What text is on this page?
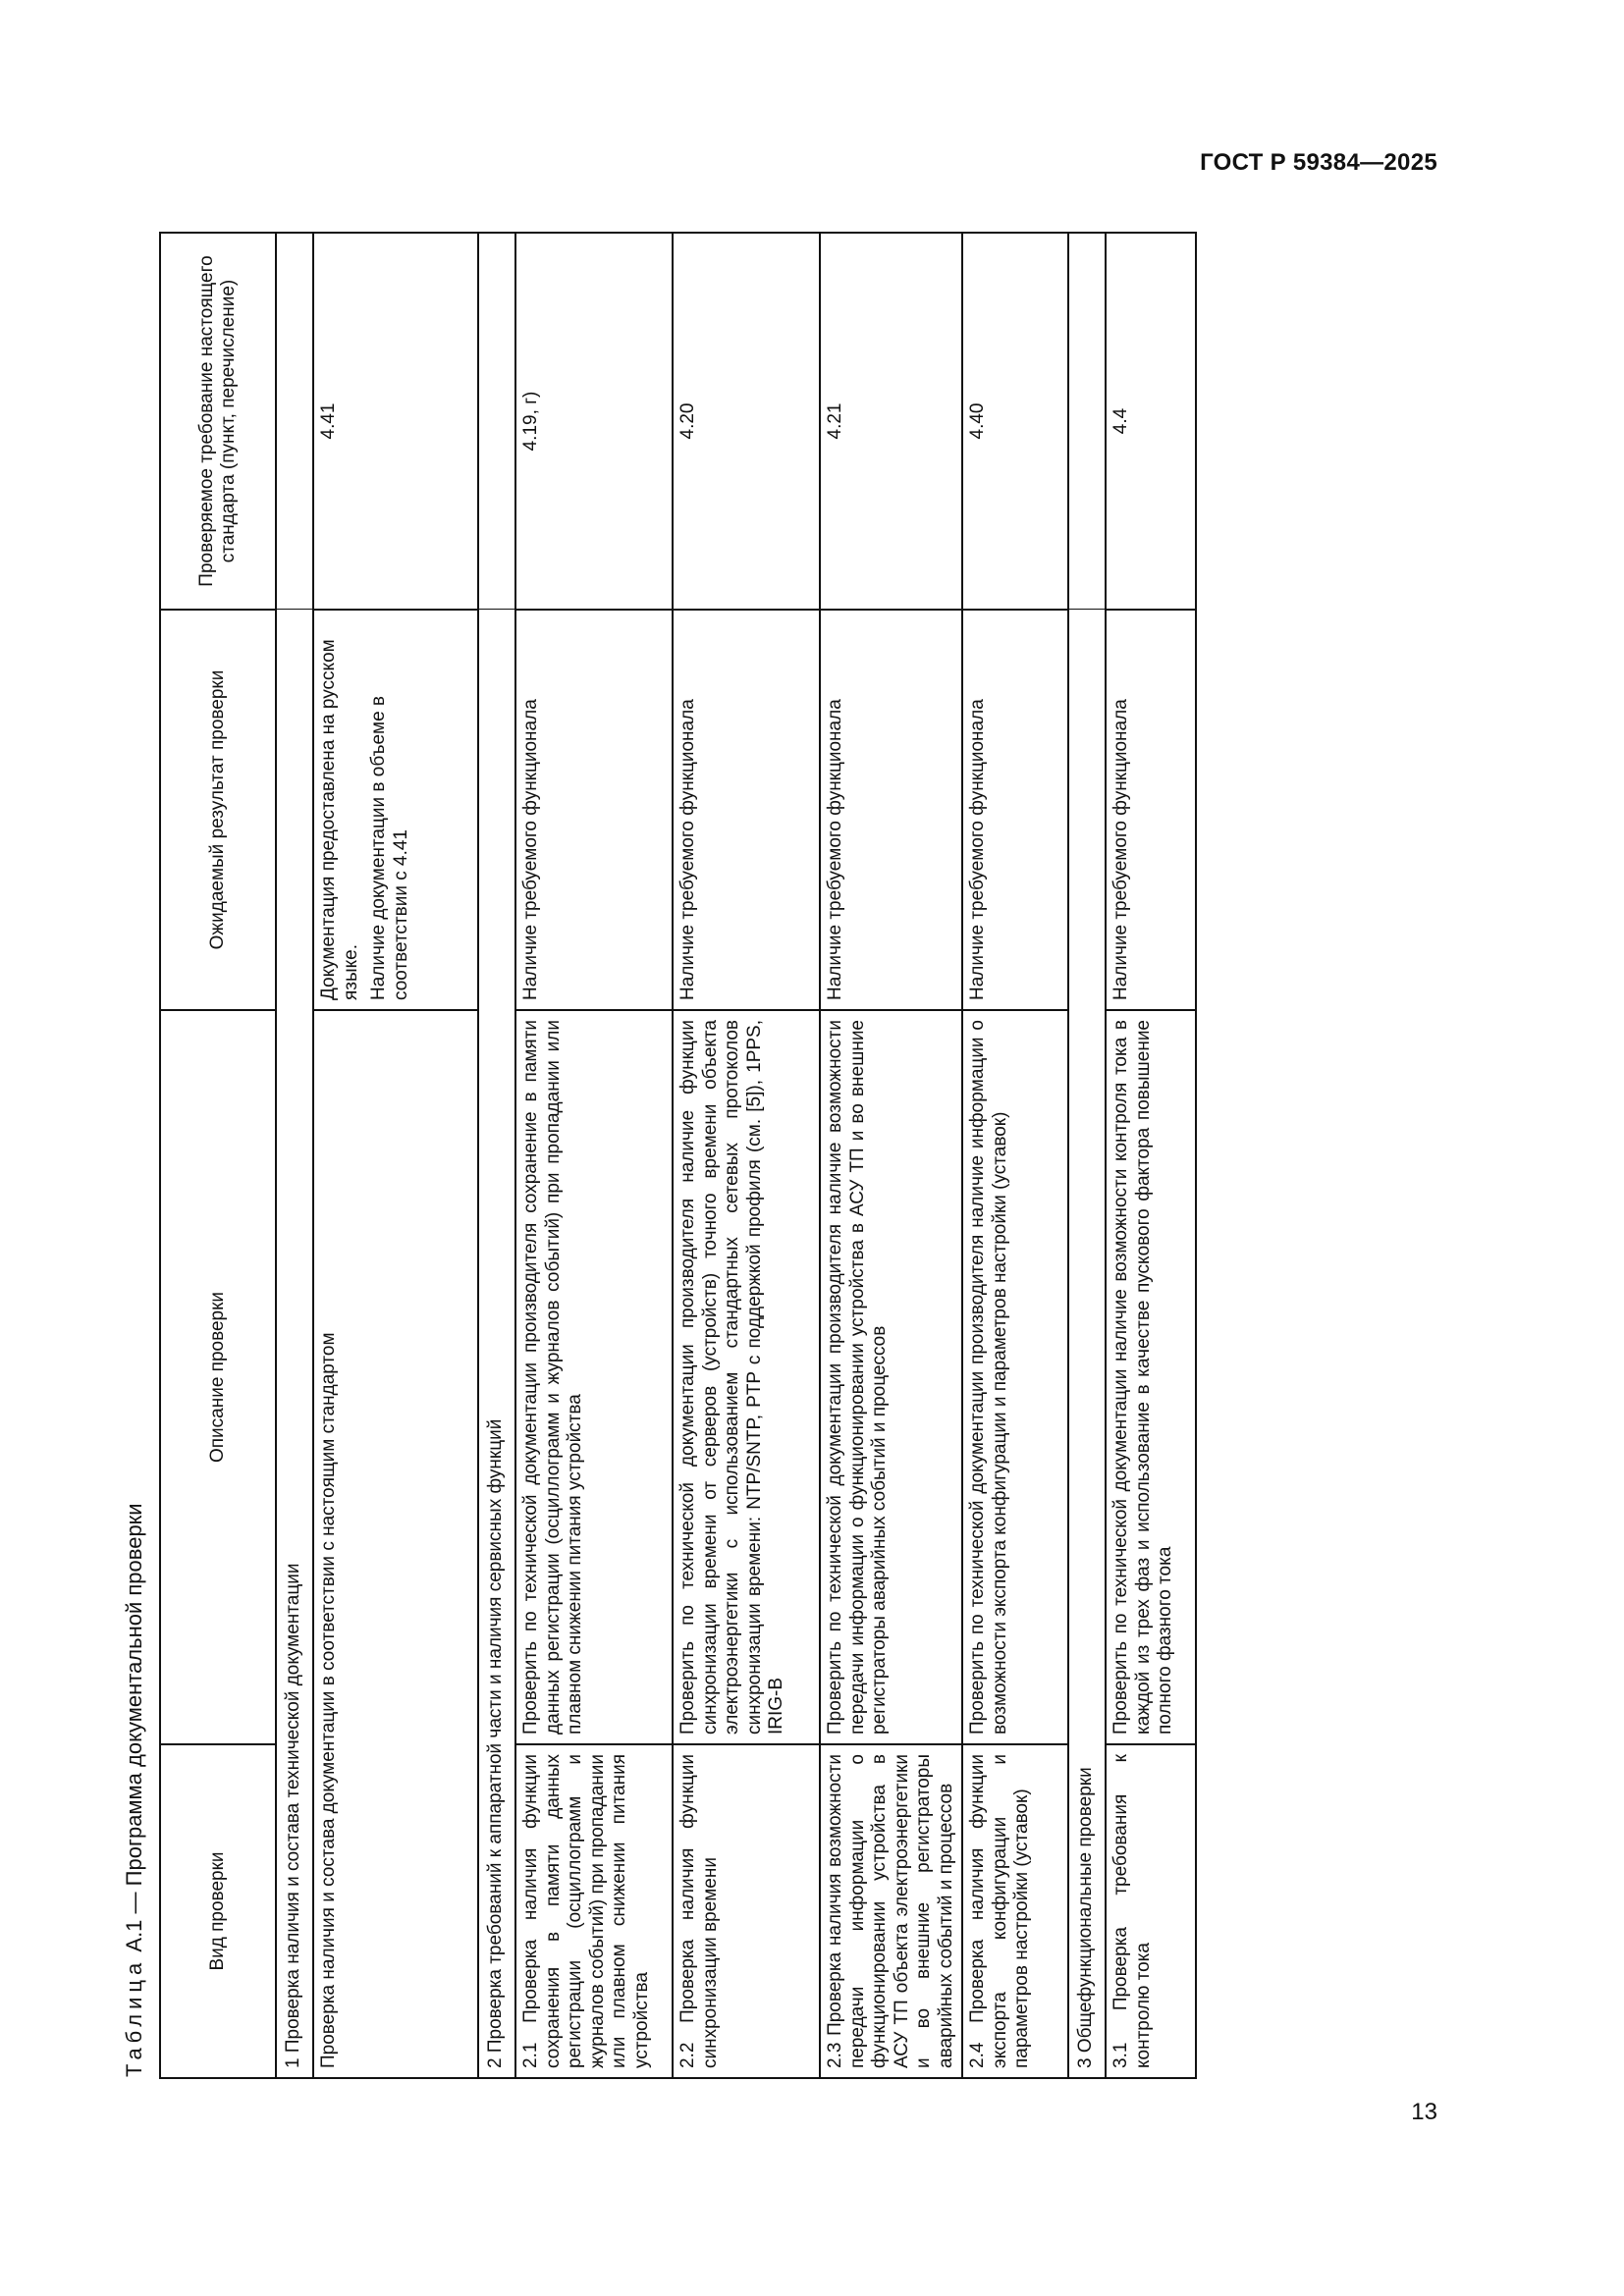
ГОСТ Р 59384—2025
13
Таблица А.1 — Программа документальной проверки	Вид проверки	Описание проверки	Ожидаемый результат проверки	Проверяемое требование настоящего стандарта (пункт, перечисление)
1 Проверка наличия и состава технической документации			
Проверка наличия и состава документации в соответствии с настоящим стандартом		Документация предоставлена на русском языке. Наличие документации в объеме в соответствии с 4.41	4.41
2 Проверка требований к аппаратной части и наличия сервисных функций			
2.1 Проверка наличия функции сохранения в памяти данных регистрации (осциллограмм и журналов событий) при пропадании или плавном снижении питания устройства	Проверить по технической документации производителя сохранение в памяти данных регистрации (осциллограмм и журналов событий) при пропадании или плавном снижении питания устройства	Наличие требуемого функционала	4.19, г)
2.2 Проверка наличия функции синхронизации времени	Проверить по технической документации производителя наличие функции синхронизации времени от серверов (устройств) точного времени объекта электроэнергетики с использованием стандартных сетевых протоколов синхронизации времени: NTP/SNTP, PTP с поддержкой профиля (см. [5]), 1PPS, IRIG-B	Наличие требуемого функционала	4.20
2.3 Проверка наличия возможности передачи информации о функционировании устройства в АСУ ТП объекта электроэнергетики и во внешние регистраторы аварийных событий и процессов	Проверить по технической документации производителя наличие возможности передачи информации о функционировании устройства в АСУ ТП и во внешние регистраторы аварийных событий и процессов	Наличие требуемого функционала	4.21
2.4 Проверка наличия функции экспорта конфигурации и параметров настройки (уставок)	Проверить по технической документации производителя наличие информации о возможности экспорта конфигурации и параметров настройки (уставок)	Наличие требуемого функционала	4.40
3 Общефункциональные проверки			
3.1 Проверка требования к контролю тока	Проверить по технической документации наличие возможности контроля тока в каждой из трех фаз и использование в качестве пускового фактора повышение полного фазного тока	Наличие требуемого функционала	4.4
